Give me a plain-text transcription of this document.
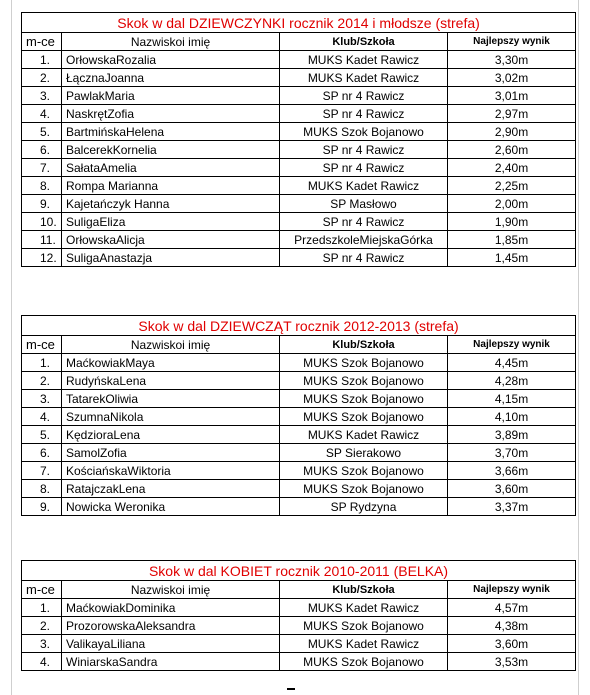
Skok w dal DZIEWCZYNKI rocznik 2014 i młodsze (strefa)			
m-ce	Nazwiskoi imię	Klub/Szkoła	Najlepszy wynik
1.	OrłowskaRozalia	MUKS Kadet Rawicz	3,30m
2.	ŁącznaJoanna	MUKS Kadet Rawicz	3,02m
3.	PawlakMaria	SP nr 4 Rawicz	3,01m
4.	NaskrętZofia	SP nr 4 Rawicz	2,97m
5.	BartmińskaHelena	MUKS Szok Bojanowo	2,90m
6.	BalcerekKornelia	SP nr 4 Rawicz	2,60m
7.	SałataAmelia	SP nr 4 Rawicz	2,40m
8.	Rompa Marianna	MUKS Kadet Rawicz	2,25m
9.	Kajetańczyk Hanna	SP Masłowo	2,00m
10.	SuligaEliza	SP nr 4 Rawicz	1,90m
11.	OrłowskaAlicja	PrzedszkoleMiejskaGórka	1,85m
12.	SuligaAnastazja	SP nr 4 Rawicz	1,45m
Skok w dal DZIEWCZĄT rocznik 2012-2013 (strefa)			
m-ce	Nazwiskoi imię	Klub/Szkoła	Najlepszy wynik
1.	MaćkowiakMaya	MUKS Szok Bojanowo	4,45m
2.	RudyńskaLena	MUKS Szok Bojanowo	4,28m
3.	TatarekOliwia	MUKS Szok Bojanowo	4,15m
4.	SzumnaNikola	MUKS Szok Bojanowo	4,10m
5.	KędzioraLena	MUKS Kadet Rawicz	3,89m
6.	SamolZofia	SP Sierakowo	3,70m
7.	KościańskaWiktoria	MUKS Szok Bojanowo	3,66m
8.	RatajczakLena	MUKS Szok Bojanowo	3,60m
9.	Nowicka Weronika	SP Rydzyna	3,37m
Skok w dal KOBIET rocznik 2010-2011 (BELKA)			
m-ce	Nazwiskoi imię	Klub/Szkoła	Najlepszy wynik
1.	MaćkowiakDominika	MUKS Kadet Rawicz	4,57m
2.	ProzorowskaAleksandra	MUKS Szok Bojanowo	4,38m
3.	ValikayaLiliana	MUKS Kadet Rawicz	3,60m
4.	WiniarskaSandra	MUKS Szok Bojanowo	3,53m
